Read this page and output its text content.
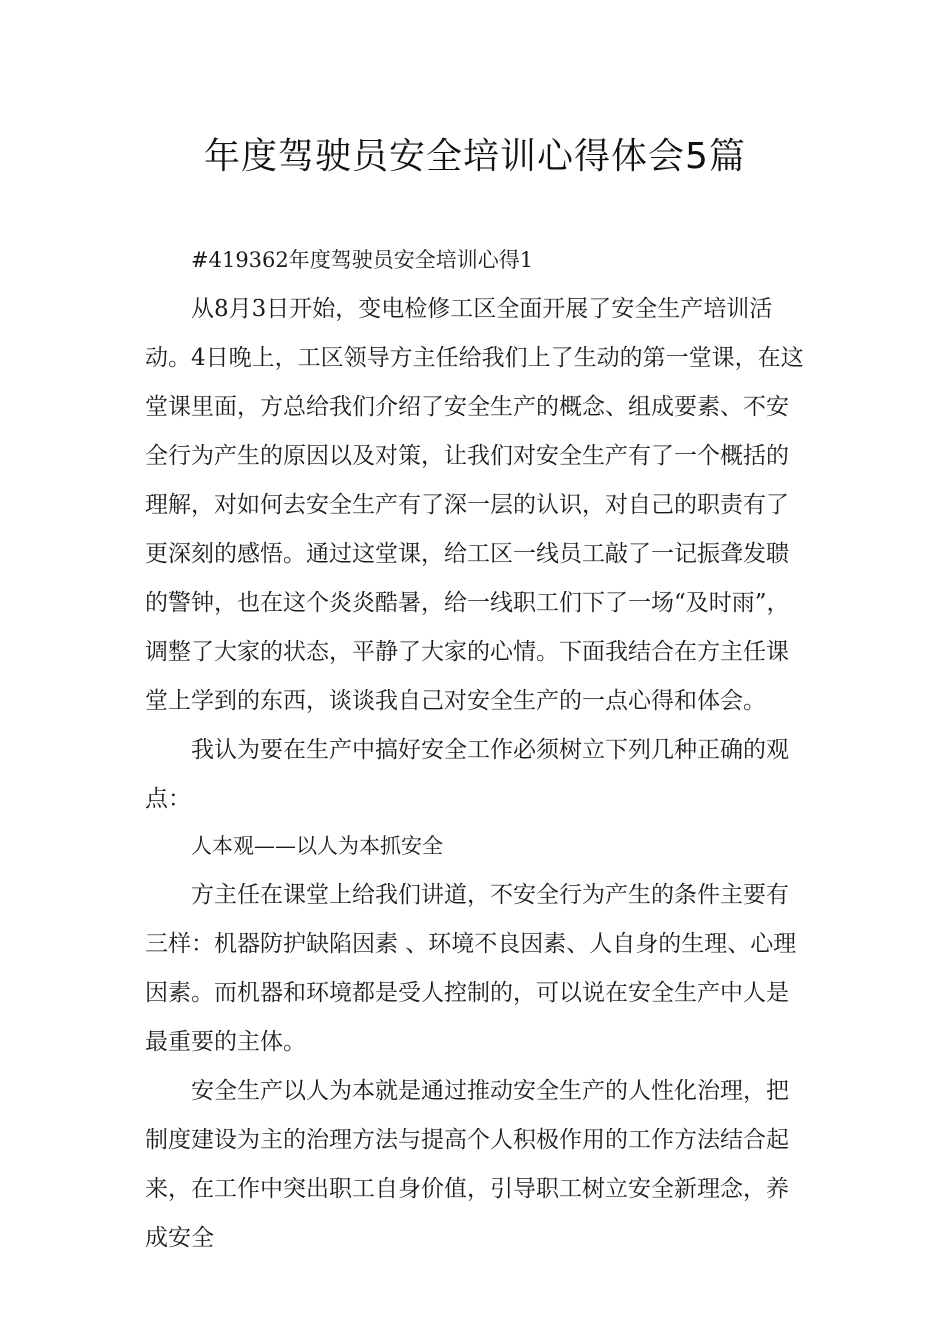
年度驾驶员安全培训心得体会5篇

#419362年度驾驶员安全培训心得1

从8月3日开始，变电检修工区全面开展了安全生产培训活动。4日晚上，工区领导方主任给我们上了生动的第一堂课，在这堂课里面，方总给我们介绍了安全生产的概念、组成要素、不安全行为产生的原因以及对策，让我们对安全生产有了一个概括的理解，对如何去安全生产有了深一层的认识，对自己的职责有了更深刻的感悟。通过这堂课，给工区一线员工敲了一记振聋发聩的警钟，也在这个炎炎酷暑，给一线职工们下了一场“及时雨”，调整了大家的状态，平静了大家的心情。下面我结合在方主任课堂上学到的东西，谈谈我自己对安全生产的一点心得和体会。

我认为要在生产中搞好安全工作必须树立下列几种正确的观点：

人本观——以人为本抓安全

方主任在课堂上给我们讲道，不安全行为产生的条件主要有三样：机器防护缺陷因素 、环境不良因素、人自身的生理、心理因素。而机器和环境都是受人控制的，可以说在安全生产中人是最重要的主体。

安全生产以人为本就是通过推动安全生产的人性化治理，把制度建设为主的治理方法与提高个人积极作用的工作方法结合起来，在工作中突出职工自身价值，引导职工树立安全新理念，养成安全
